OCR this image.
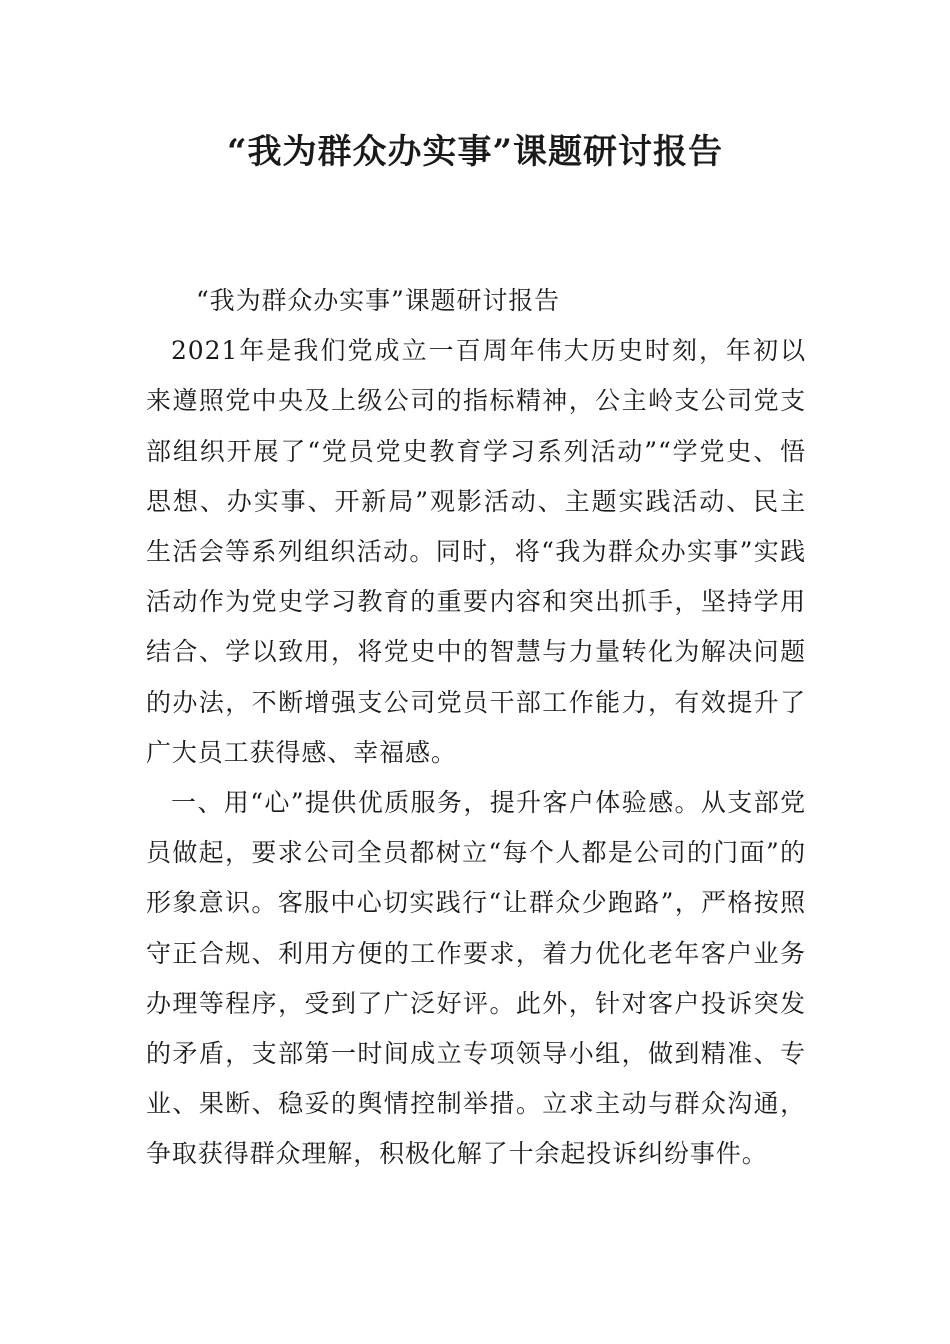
“我为群众办实事”课题研讨报告

“我为群众办实事”课题研讨报告

2021年是我们党成立一百周年伟大历史时刻，年初以来遵照党中央及上级公司的指标精神，公主岭支公司党支部组织开展了“党员党史教育学习系列活动”“学党史、悟思想、办实事、开新局”观影活动、主题实践活动、民主生活会等系列组织活动。同时，将“我为群众办实事”实践活动作为党史学习教育的重要内容和突出抓手，坚持学用结合、学以致用，将党史中的智慧与力量转化为解决问题的办法，不断增强支公司党员干部工作能力，有效提升了广大员工获得感、幸福感。

一、用“心”提供优质服务，提升客户体验感。从支部党员做起，要求公司全员都树立“每个人都是公司的门面”的形象意识。客服中心切实践行“让群众少跑路”，严格按照守正合规、利用方便的工作要求，着力优化老年客户业务办理等程序，受到了广泛好评。此外，针对客户投诉突发的矛盾，支部第一时间成立专项领导小组，做到精准、专业、果断、稳妥的舆情控制举措。立求主动与群众沟通，争取获得群众理解，积极化解了十余起投诉纠纷事件。
